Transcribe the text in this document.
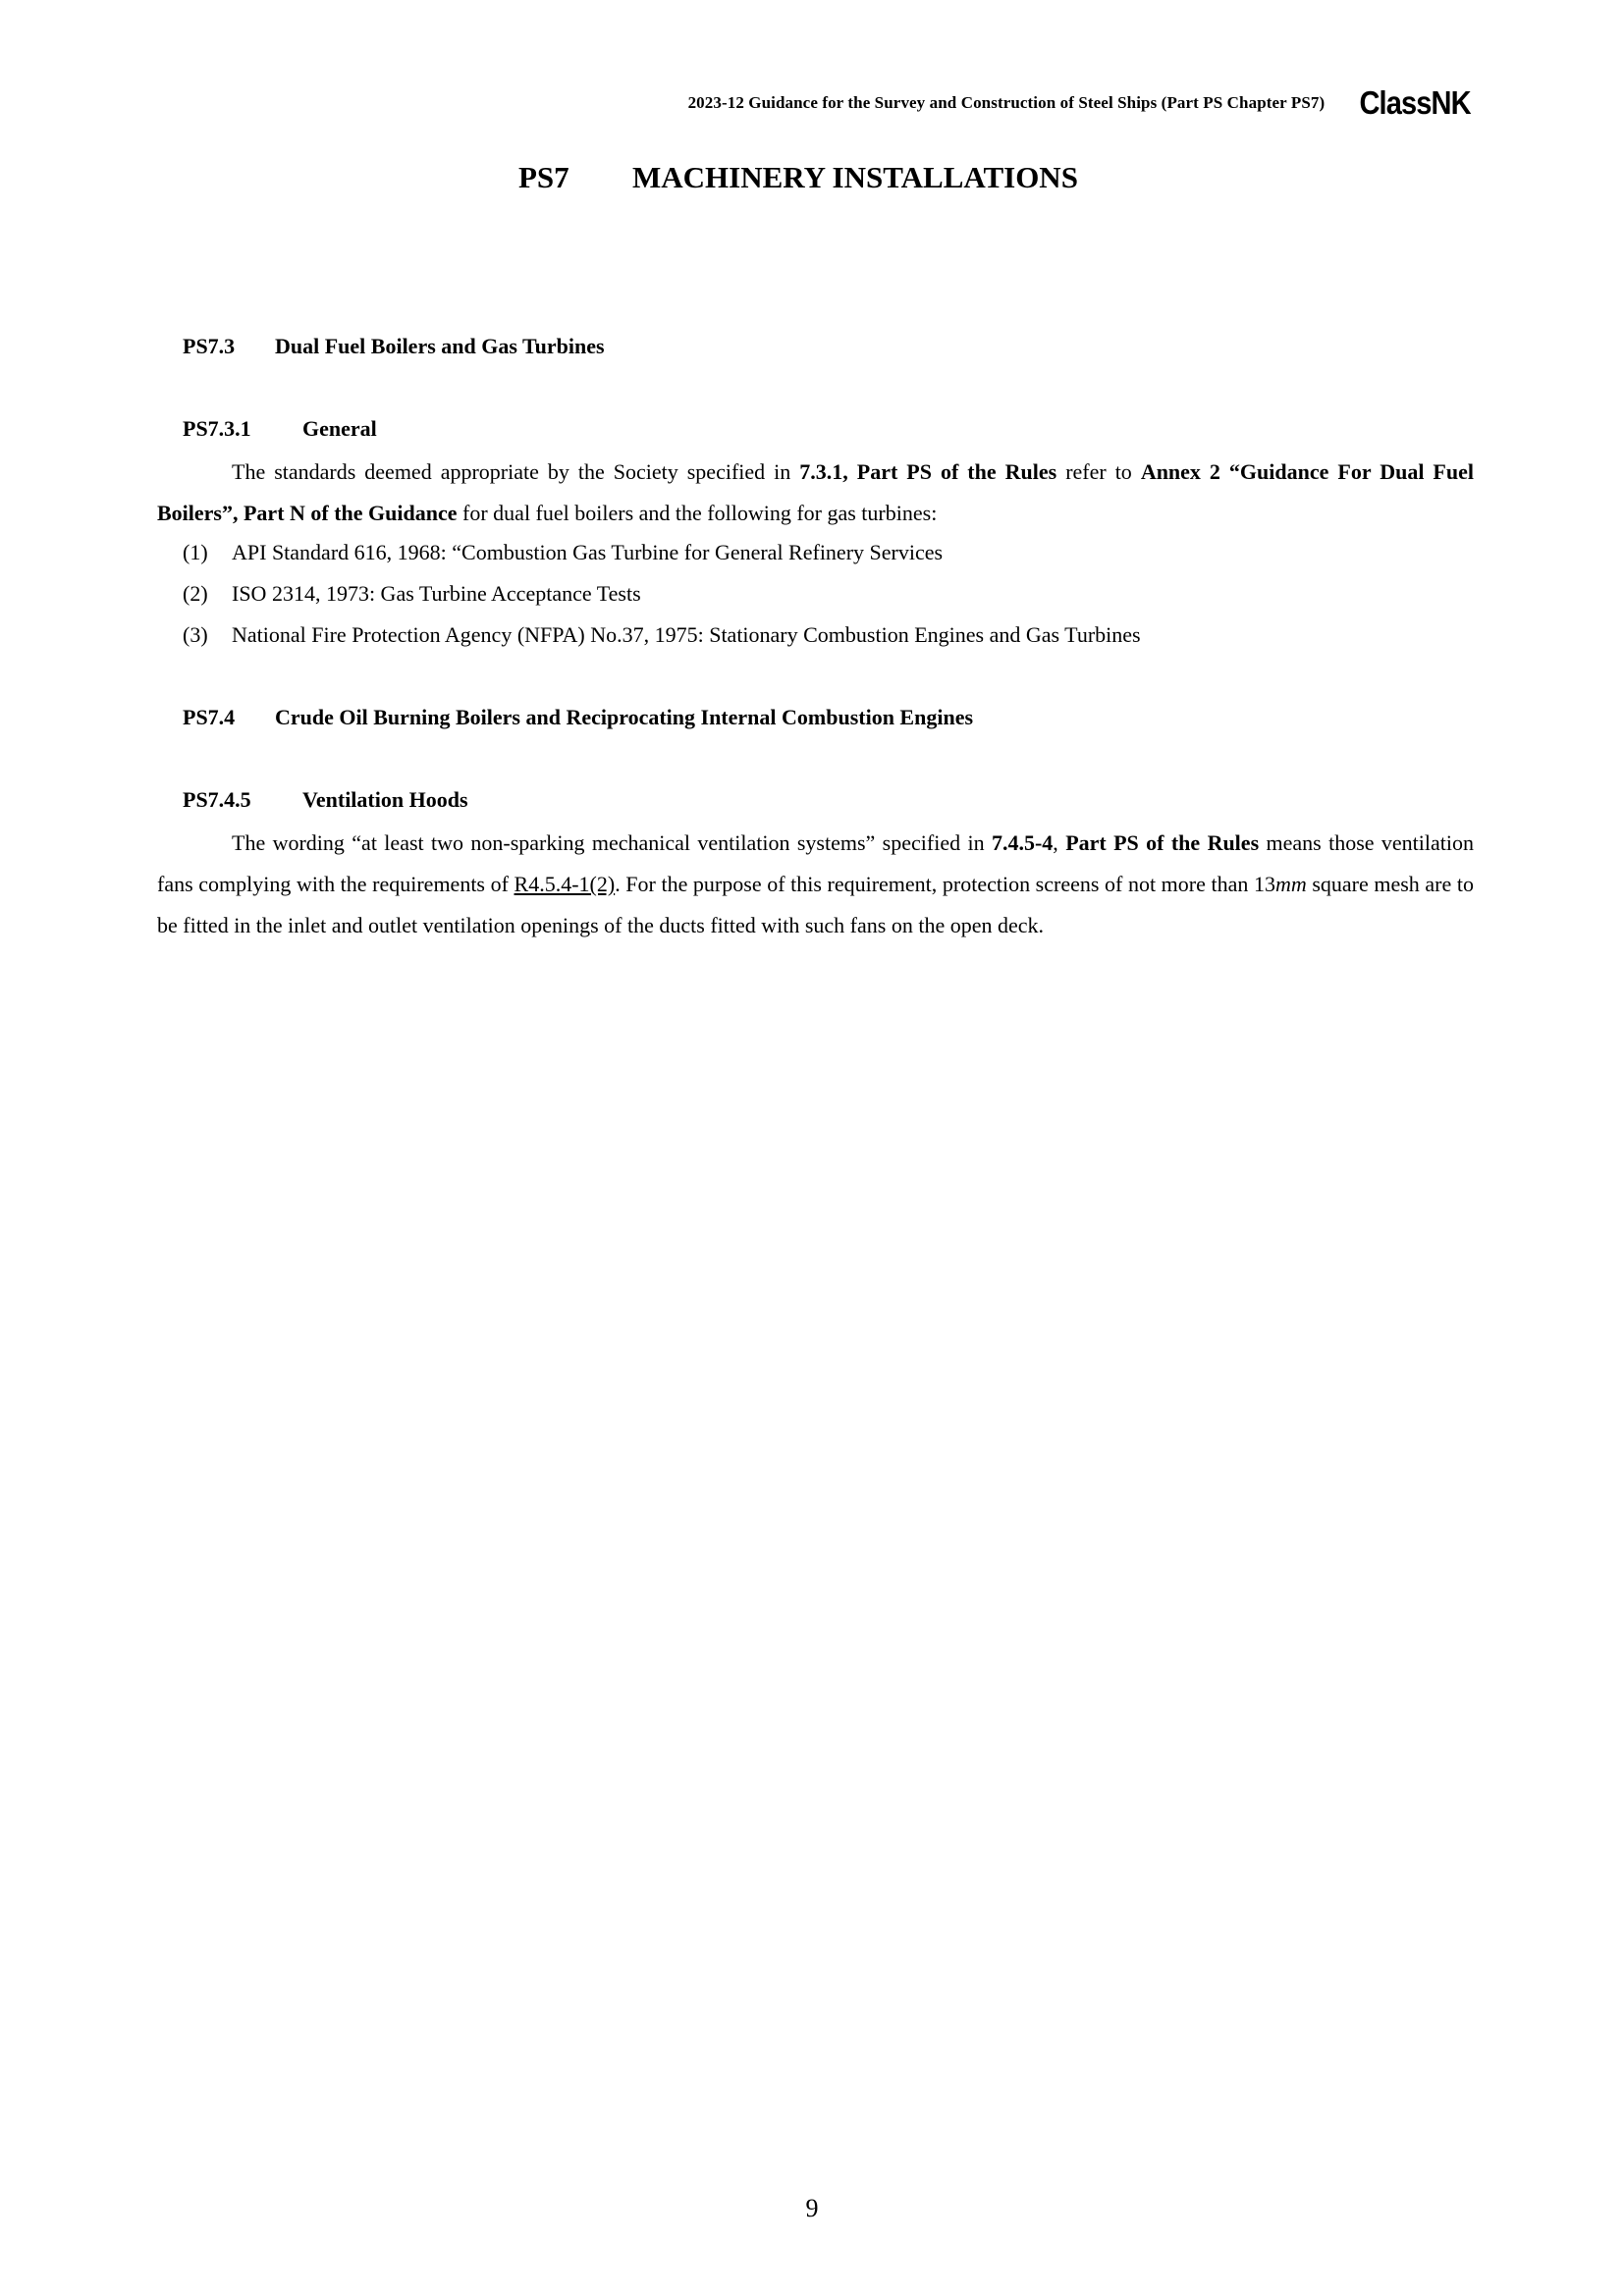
2023-12 Guidance for the Survey and Construction of Steel Ships (Part PS Chapter PS7) ClassNK
PS7 MACHINERY INSTALLATIONS
PS7.3 Dual Fuel Boilers and Gas Turbines
PS7.3.1 General
The standards deemed appropriate by the Society specified in 7.3.1, Part PS of the Rules refer to Annex 2 “Guidance For Dual Fuel Boilers”, Part N of the Guidance for dual fuel boilers and the following for gas turbines:
(1) API Standard 616, 1968: “Combustion Gas Turbine for General Refinery Services
(2) ISO 2314, 1973: Gas Turbine Acceptance Tests
(3) National Fire Protection Agency (NFPA) No.37, 1975: Stationary Combustion Engines and Gas Turbines
PS7.4 Crude Oil Burning Boilers and Reciprocating Internal Combustion Engines
PS7.4.5 Ventilation Hoods
The wording “at least two non-sparking mechanical ventilation systems” specified in 7.4.5-4, Part PS of the Rules means those ventilation fans complying with the requirements of R4.5.4-1(2). For the purpose of this requirement, protection screens of not more than 13mm square mesh are to be fitted in the inlet and outlet ventilation openings of the ducts fitted with such fans on the open deck.
9
